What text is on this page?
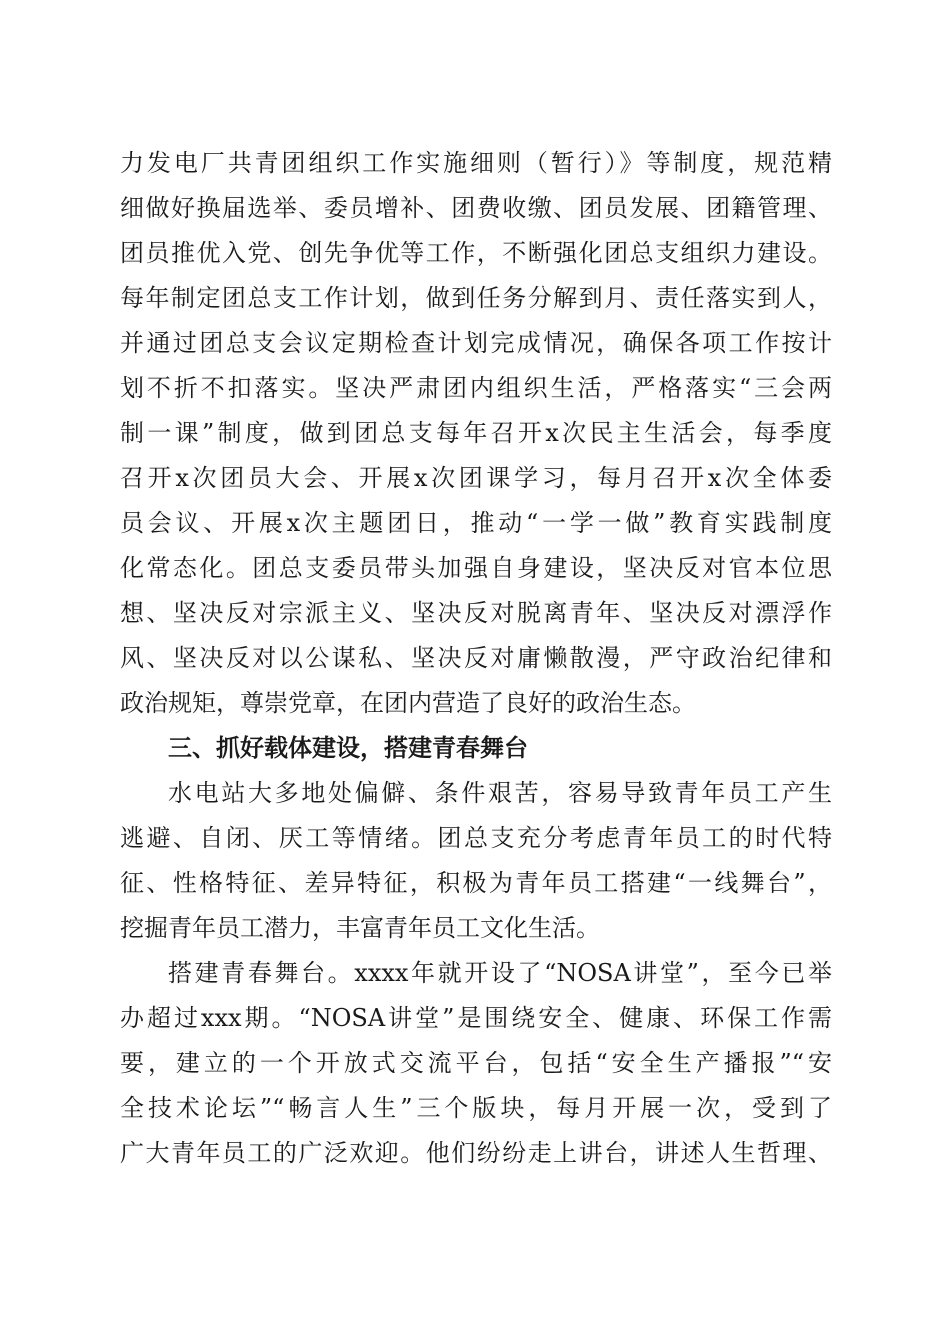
力发电厂共青团组织工作实施细则（暂行）》等制度，规范精
细做好换届选举、委员增补、团费收缴、团员发展、团籍管理、
团员推优入党、创先争优等工作，不断强化团总支组织力建设。
每年制定团总支工作计划，做到任务分解到月、责任落实到人，
并通过团总支会议定期检查计划完成情况，确保各项工作按计
划不折不扣落实。坚决严肃团内组织生活，严格落实“三会两
制一课”制度，做到团总支每年召开x次民主生活会，每季度
召开x次团员大会、开展x次团课学习，每月召开x次全体委
员会议、开展x次主题团日，推动“一学一做”教育实践制度
化常态化。团总支委员带头加强自身建设，坚决反对官本位思
想、坚决反对宗派主义、坚决反对脱离青年、坚决反对漂浮作
风、坚决反对以公谋私、坚决反对庸懒散漫，严守政治纪律和
政治规矩，尊崇党章，在团内营造了良好的政治生态。
三、抓好载体建设，搭建青春舞台
水电站大多地处偏僻、条件艰苦，容易导致青年员工产生
逃避、自闭、厌工等情绪。团总支充分考虑青年员工的时代特
征、性格特征、差异特征，积极为青年员工搭建“一线舞台”，
挖掘青年员工潜力，丰富青年员工文化生活。
搭建青春舞台。xxxx年就开设了“NOSA讲堂”，至今已举
办超过xxx期。“NOSA讲堂”是围绕安全、健康、环保工作需
要，建立的一个开放式交流平台，包括“安全生产播报”“安
全技术论坛”“畅言人生”三个版块，每月开展一次，受到了
广大青年员工的广泛欢迎。他们纷纷走上讲台，讲述人生哲理、
